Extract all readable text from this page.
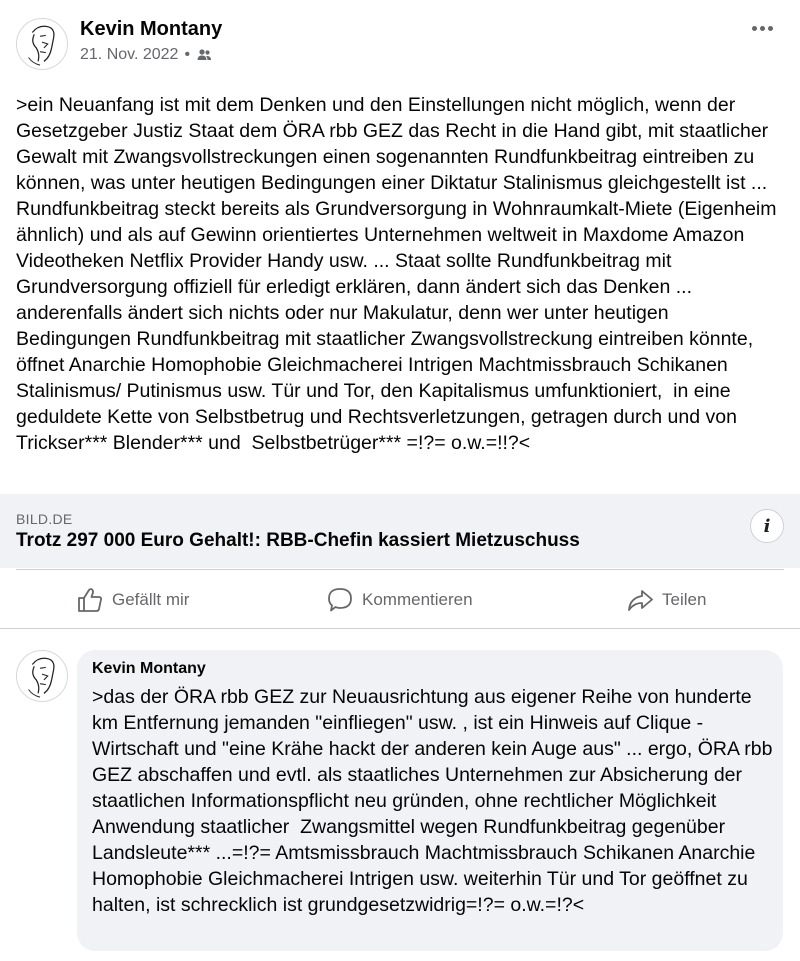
Kevin Montany
21. Nov. 2022 •

>ein Neuanfang ist mit dem Denken und den Einstellungen nicht möglich, wenn der Gesetzgeber Justiz Staat dem ÖRA rbb GEZ das Recht in die Hand gibt, mit staatlicher Gewalt mit Zwangsvollstreckungen einen sogenannten Rundfunkbeitrag eintreiben zu können, was unter heutigen Bedingungen einer Diktatur Stalinismus gleichgestellt ist ... Rundfunkbeitrag steckt bereits als Grundversorgung in Wohnraumkalt-Miete (Eigenheim ähnlich) und als auf Gewinn orientiertes Unternehmen weltweit in Maxdome Amazon Videotheken Netflix Provider Handy usw. ... Staat sollte Rundfunkbeitrag mit Grundversorgung offiziell für erledigt erklären, dann ändert sich das Denken ... anderenfalls ändert sich nichts oder nur Makulatur, denn wer unter heutigen Bedingungen Rundfunkbeitrag mit staatlicher Zwangsvollstreckung eintreiben könnte, öffnet Anarchie Homophobie Gleichmacherei Intrigen Machtmissbrauch Schikanen Stalinismus/ Putinismus usw. Tür und Tor, den Kapitalismus umfunktioniert,  in eine geduldete Kette von Selbstbetrug und Rechtsverletzungen, getragen durch und von Trickser*** Blender*** und  Selbstbetrüger*** =!?= o.w.=!!?<

BILD.DE
Trotz 297 000 Euro Gehalt!: RBB-Chefin kassiert Mietzuschuss
i
Gefällt mir	Kommentieren	Teilen
Kevin Montany

>das der ÖRA rbb GEZ zur Neuausrichtung aus eigener Reihe von hunderte km Entfernung jemanden "einfliegen" usw. , ist ein Hinweis auf Clique - Wirtschaft und "eine Krähe hackt der anderen kein Auge aus" ... ergo, ÖRA rbb GEZ abschaffen und evtl. als staatliches Unternehmen zur Absicherung der staatlichen Informationspflicht neu gründen, ohne rechtlicher Möglichkeit Anwendung staatlicher  Zwangsmittel wegen Rundfunkbeitrag gegenüber Landsleute*** ...=!?= Amtsmissbrauch Machtmissbrauch Schikanen Anarchie Homophobie Gleichmacherei Intrigen usw. weiterhin Tür und Tor geöffnet zu halten, ist schrecklich ist grundgesetzwidrig=!?= o.w.=!?<
